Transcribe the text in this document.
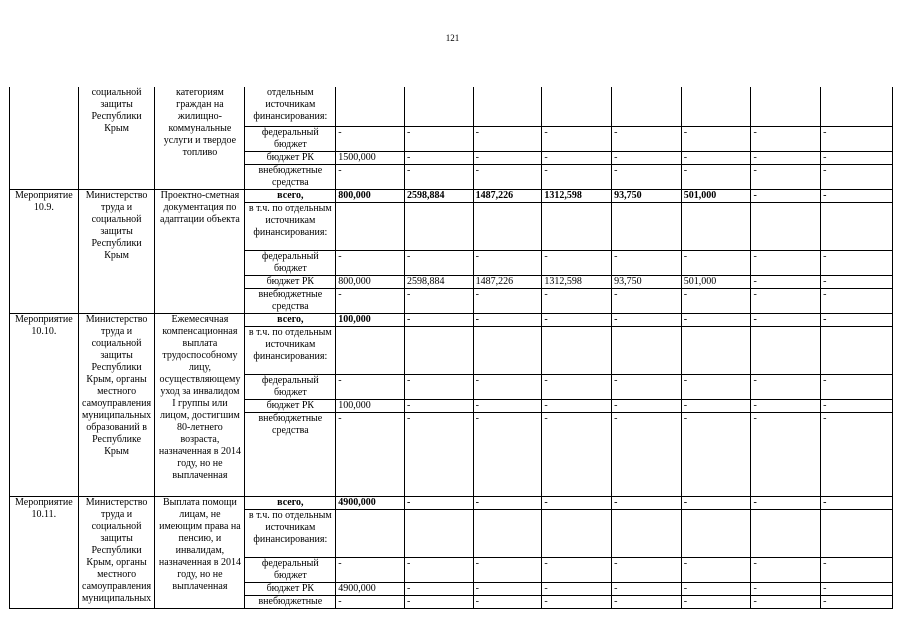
121
	социальной защиты Республики Крым	категориям граждан на жилищно-коммунальные услуги и твердое топливо	отдельным источникам финансирования:								
			федеральный бюджет	-	-	-	-	-	-	-	-
			бюджет РК	1500,000	-	-	-	-	-	-	-
			внебюджетные средства	-	-	-	-	-	-	-	-
Мероприятие 10.9.	Министерство труда и социальной защиты Республики Крым	Проектно-сметная документация по адаптации объекта	всего,	800,000	2598,884	1487,226	1312,598	93,750	501,000	-	-
			в т.ч. по отдельным источникам финансирования:								
			федеральный бюджет	-	-	-	-	-	-	-	-
			бюджет РК	800,000	2598,884	1487,226	1312,598	93,750	501,000	-	-
			внебюджетные средства	-	-	-	-	-	-	-	-
Мероприятие 10.10.	Министерство труда и социальной защиты Республики Крым, органы местного самоуправления муниципальных образований в Республике Крым	Ежемесячная компенсационная выплата трудоспособному лицу, осуществляющему уход за инвалидом I группы или лицом, достигшим 80-летнего возраста, назначенная в 2014 году, но не выплаченная	всего,	100,000	-	-	-	-	-	-	-
			в т.ч. по отдельным источникам финансирования:								
			федеральный бюджет	-	-	-	-	-	-	-	-
			бюджет РК	100,000	-	-	-	-	-	-	-
			внебюджетные средства	-	-	-	-	-	-	-	-
Мероприятие 10.11.	Министерство труда и социальной защиты Республики Крым, органы местного самоуправления муниципальных	Выплата помощи лицам, не имеющим права на пенсию, и инвалидам, назначенная в 2014 году, но не выплаченная	всего,	4900,000	-	-	-	-	-	-	-
			в т.ч. по отдельным источникам финансирования:								
			федеральный бюджет	-	-	-	-	-	-	-	-
			бюджет РК	4900,000	-	-	-	-	-	-	-
			внебюджетные	-	-	-	-	-	-	-	-
